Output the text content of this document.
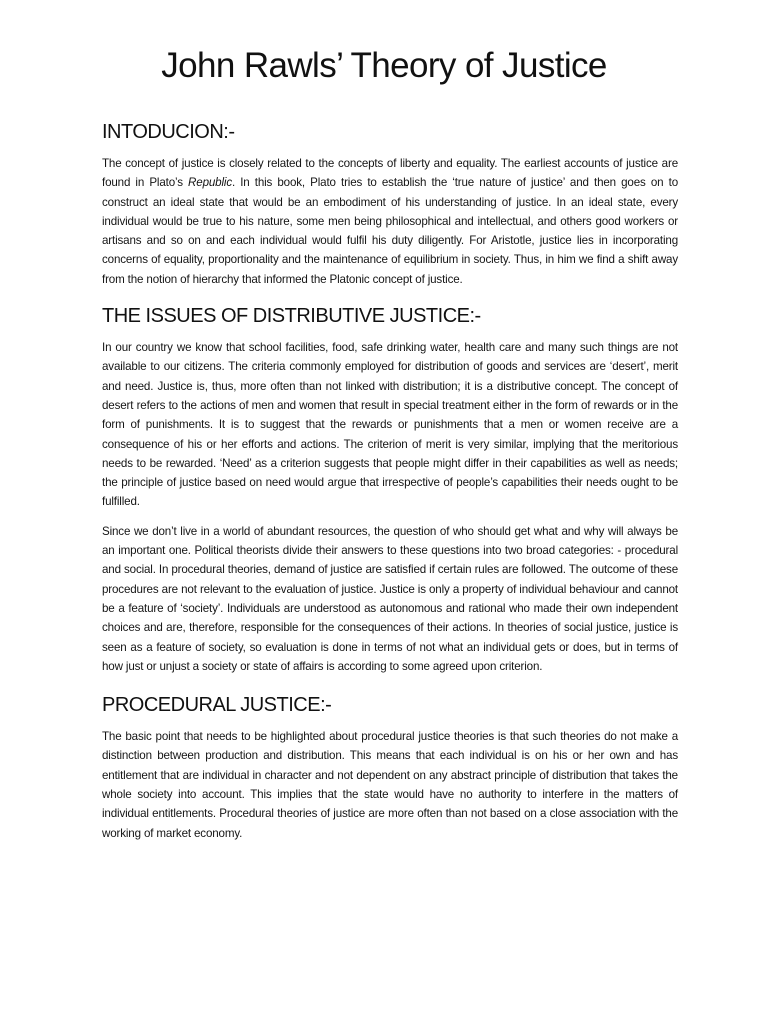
John Rawls’ Theory of Justice
INTODUCION:-

The concept of justice is closely related to the concepts of liberty and equality. The earliest accounts of justice are found in Plato’s Republic. In this book, Plato tries to establish the ‘true nature of justice’ and then goes on to construct an ideal state that would be an embodiment of his understanding of justice. In an ideal state, every individual would be true to his nature, some men being philosophical and intellectual, and others good workers or artisans and so on and each individual would fulfil his duty diligently. For Aristotle, justice lies in incorporating concerns of equality, proportionality and the maintenance of equilibrium in society. Thus, in him we find a shift away from the notion of hierarchy that informed the Platonic concept of justice.

THE ISSUES OF DISTRIBUTIVE JUSTICE:-

In our country we know that school facilities, food, safe drinking water, health care and many such things are not available to our citizens. The criteria commonly employed for distribution of goods and services are ‘desert’, merit and need. Justice is, thus, more often than not linked with distribution; it is a distributive concept. The concept of desert refers to the actions of men and women that result in special treatment either in the form of rewards or in the form of punishments. It is to suggest that the rewards or punishments that a men or women receive are a consequence of his or her efforts and actions. The criterion of merit is very similar, implying that the meritorious needs to be rewarded. ‘Need’ as a criterion suggests that people might differ in their capabilities as well as needs; the principle of justice based on need would argue that irrespective of people’s capabilities their needs ought to be fulfilled.

Since we don’t live in a world of abundant resources, the question of who should get what and why will always be an important one. Political theorists divide their answers to these questions into two broad categories: - procedural and social. In procedural theories, demand of justice are satisfied if certain rules are followed. The outcome of these procedures are not relevant to the evaluation of justice. Justice is only a property of individual behaviour and cannot be a feature of ‘society’. Individuals are understood as autonomous and rational who made their own independent choices and are, therefore, responsible for the consequences of their actions. In theories of social justice, justice is seen as a feature of society, so evaluation is done in terms of not what an individual gets or does, but in terms of how just or unjust a society or state of affairs is according to some agreed upon criterion.

PROCEDURAL JUSTICE:-

The basic point that needs to be highlighted about procedural justice theories is that such theories do not make a distinction between production and distribution. This means that each individual is on his or her own and has entitlement that are individual in character and not dependent on any abstract principle of distribution that takes the whole society into account. This implies that the state would have no authority to interfere in the matters of individual entitlements. Procedural theories of justice are more often than not based on a close association with the working of market economy.
